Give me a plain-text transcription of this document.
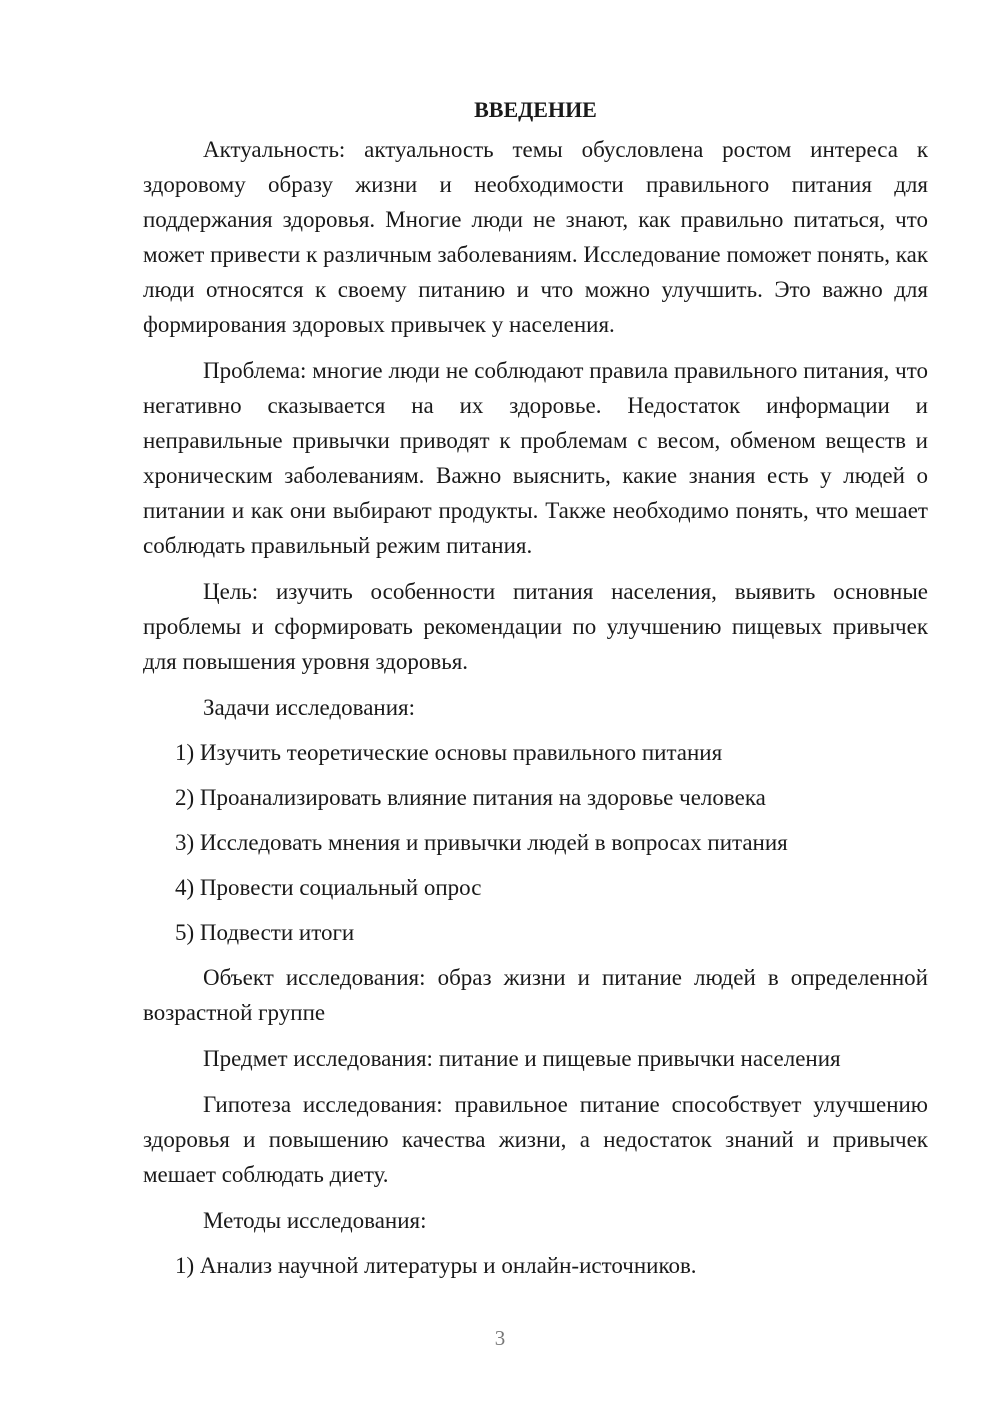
ВВЕДЕНИЕ
Актуальность: актуальность темы обусловлена ростом интереса к здоровому образу жизни и необходимости правильного питания для поддержания здоровья. Многие люди не знают, как правильно питаться, что может привести к различным заболеваниям. Исследование поможет понять, как люди относятся к своему питанию и что можно улучшить. Это важно для формирования здоровых привычек у населения.
Проблема: многие люди не соблюдают правила правильного питания, что негативно сказывается на их здоровье. Недостаток информации и неправильные привычки приводят к проблемам с весом, обменом веществ и хроническим заболеваниям. Важно выяснить, какие знания есть у людей о питании и как они выбирают продукты. Также необходимо понять, что мешает соблюдать правильный режим питания.
Цель: изучить особенности питания населения, выявить основные проблемы и сформировать рекомендации по улучшению пищевых привычек для повышения уровня здоровья.
Задачи исследования:
1) Изучить теоретические основы правильного питания
2) Проанализировать влияние питания на здоровье человека
3) Исследовать мнения и привычки людей в вопросах питания
4) Провести социальный опрос
5) Подвести итоги
Объект исследования: образ жизни и питание людей в определенной возрастной группе
Предмет исследования: питание и пищевые привычки населения
Гипотеза исследования: правильное питание способствует улучшению здоровья и повышению качества жизни, а недостаток знаний и привычек мешает соблюдать диету.
Методы исследования:
1) Анализ научной литературы и онлайн-источников.
3
